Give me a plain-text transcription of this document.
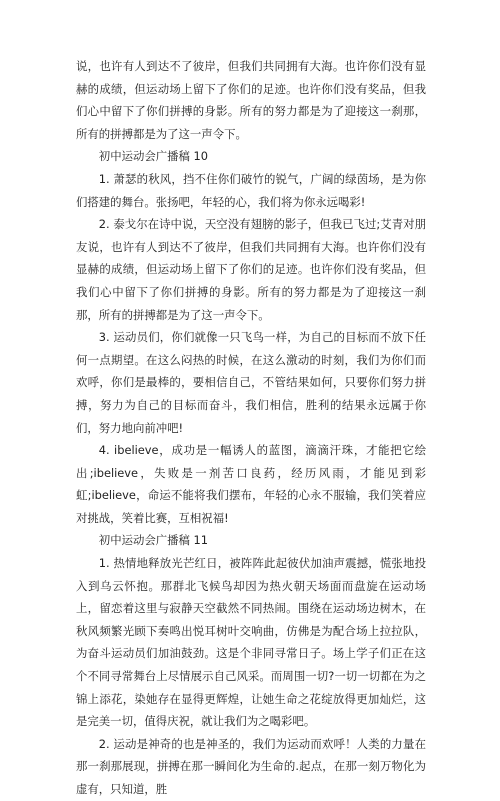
说，也许有人到达不了彼岸，但我们共同拥有大海。也许你们没有显赫的成绩，但运动场上留下了你们的足迹。也许你们没有奖品，但我们心中留下了你们拼搏的身影。所有的努力都是为了迎接这一刹那，所有的拼搏都是为了这一声令下。

初中运动会广播稿 10

1. 萧瑟的秋风，挡不住你们破竹的锐气，广阔的绿茵场，是为你们搭建的舞台。张扬吧，年轻的心，我们将为你永远喝彩!

2. 泰戈尔在诗中说，天空没有翅膀的影子，但我已飞过;艾青对朋友说，也许有人到达不了彼岸，但我们共同拥有大海。也许你们没有显赫的成绩，但运动场上留下了你们的足迹。也许你们没有奖品，但我们心中留下了你们拼搏的身影。所有的努力都是为了迎接这一刹那，所有的拼搏都是为了这一声令下。

3. 运动员们，你们就像一只飞鸟一样，为自己的目标而不放下任何一点期望。在这么闷热的时候，在这么激动的时刻，我们为你们而欢呼，你们是最棒的，要相信自己，不管结果如何，只要你们努力拼搏，努力为自己的目标而奋斗，我们相信，胜利的结果永远属于你们，努力地向前冲吧!

4. ibelieve，成功是一幅诱人的蓝图，滴滴汗珠，才能把它绘出;ibelieve，失败是一剂苦口良药，经历风雨，才能见到彩虹;ibelieve，命运不能将我们摆布，年轻的心永不服输，我们笑着应对挑战，笑着比赛，互相祝福!

初中运动会广播稿 11

1. 热情地释放光芒红日，被阵阵此起彼伏加油声震撼，慌张地投入到乌云怀抱。那群北飞候鸟却因为热火朝天场面而盘旋在运动场上，留恋着这里与寂静天空截然不同热闹。围绕在运动场边树木，在秋风频繁光顾下奏鸣出悦耳树叶交响曲，仿佛是为配合场上拉拉队，为奋斗运动员们加油鼓劲。这是个非同寻常日子。场上学子们正在这个不同寻常舞台上尽情展示自己风采。而周围一切?一切一切都在为之锦上添花，染她存在显得更辉煌，让她生命之花绽放得更加灿烂，这是完美一切，值得庆祝，就让我们为之喝彩吧。

2. 运动是神奇的也是神圣的，我们为运动而欢呼！人类的力量在那一刹那展现，拼搏在那一瞬间化为生命的.起点，在那一刻万物化为虚有，只知道，胜
